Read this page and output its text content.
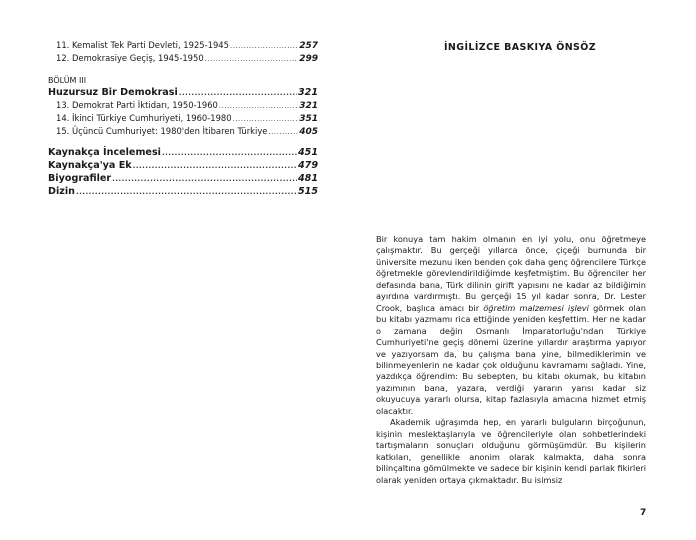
11. Kemalist Tek Parti Devleti, 1925-1945 .....	257
12. Demokrasiye Geçiş, 1945-1950 .....	299
BÖLÜM III
Huzursuz Bir Demokrasi .....	321
13. Demokrat Parti İktidarı, 1950-1960 .....	321
14. İkinci Türkiye Cumhuriyeti, 1960-1980 .....	351
15. Üçüncü Cumhuriyet: 1980'den İtibaren Türkiye .....	405
Kaynakça İncelemesi .....	451
Kaynakça'ya Ek .....	479
Biyografiler .....	481
Dizin .....	515
İNGİLİZCE BASKIYA ÖNSÖZ

Bir konuya tam hakim olmanın en iyi yolu, onu öğretmeye çalışmaktır. Bu gerçeği yıllarca önce, çiçeği burnunda bir üniversite mezunu iken benden çok daha genç öğrencilere Türkçe öğretmekle görevlendirildiğimde keşfetmiştim. Bu öğrenciler her defasında bana, Türk dilinin girift yapısını ne kadar az bildiğimin ayırdına vardırmıştı. Bu gerçeği 15 yıl kadar sonra, Dr. Lester Crook, başlıca amacı bir öğretim malzemesi işlevi görmek olan bu kitabı yazmamı rica ettiğinde yeniden keşfettim. Her ne kadar o zamana değin Osmanlı İmparatorluğu'ndan Türkiye Cumhuriyeti'ne geçiş dönemi üzerine yıllardır araştırma yapıyor ve yazıyorsam da, bu çalışma bana yine, bilmediklerimin ve bilinmeyenlerin ne kadar çok olduğunu kavramamı sağladı. Yine, yazdıkça öğrendim: Bu sebepten, bu kitabı okumak, bu kitabın yazımının bana, yazara, verdiği yararın yarısı kadar siz okuyucuya yararlı olursa, kitap fazlasıyla amacına hizmet etmiş olacaktır.

Akademik uğraşımda hep, en yararlı bulguların birçoğunun, kişinin meslektaşlarıyla ve öğrencileriyle olan sohbetlerindeki tartışmaların sonuçları olduğunu görmüşümdür. Bu kişilerin katkıları, genellikle anonim olarak kalmakta, daha sonra bilinçaltına gömülmekte ve sadece bir kişinin kendi parlak fikirleri olarak yeniden ortaya çıkmaktadır. Bu isimsiz

7
